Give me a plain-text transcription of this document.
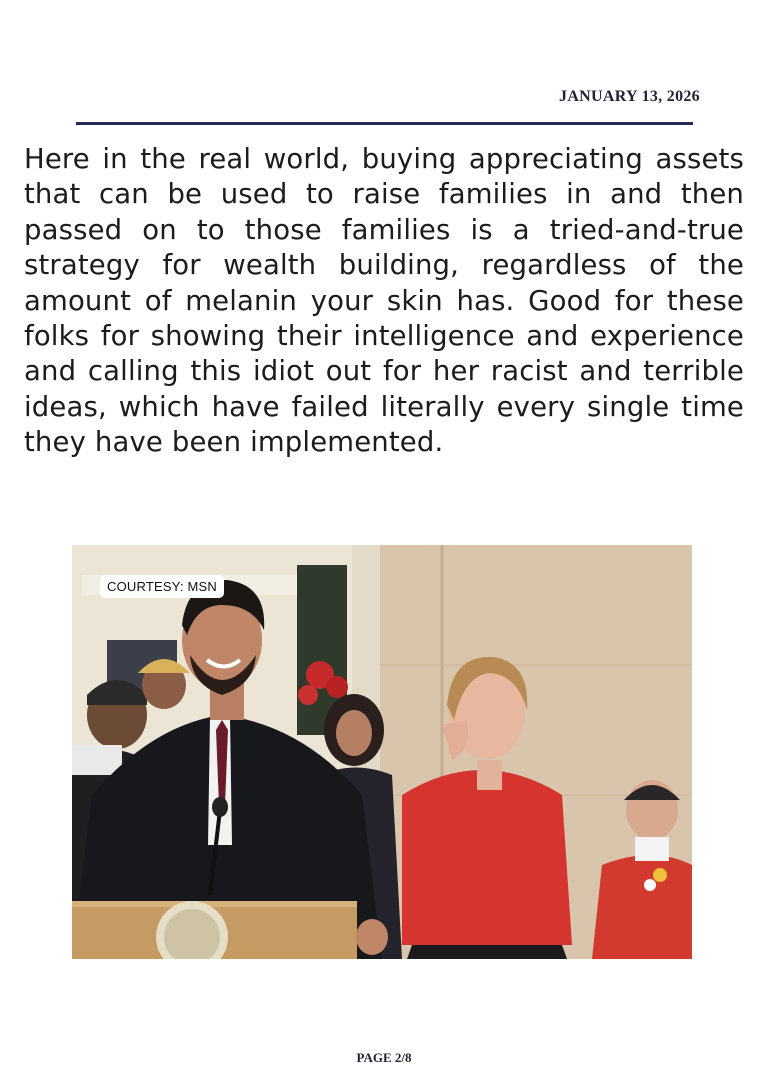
JANUARY 13, 2026

Here in the real world, buying appreciating assets that can be used to raise families in and then passed on to those families is a tried-and-true strategy for wealth building, regardless of the amount of melanin your skin has. Good for these folks for showing their intelligence and experience and calling this idiot out for her racist and terrible ideas, which have failed literally every single time they have been implemented.

COURTESY: MSN
PAGE 2/8
